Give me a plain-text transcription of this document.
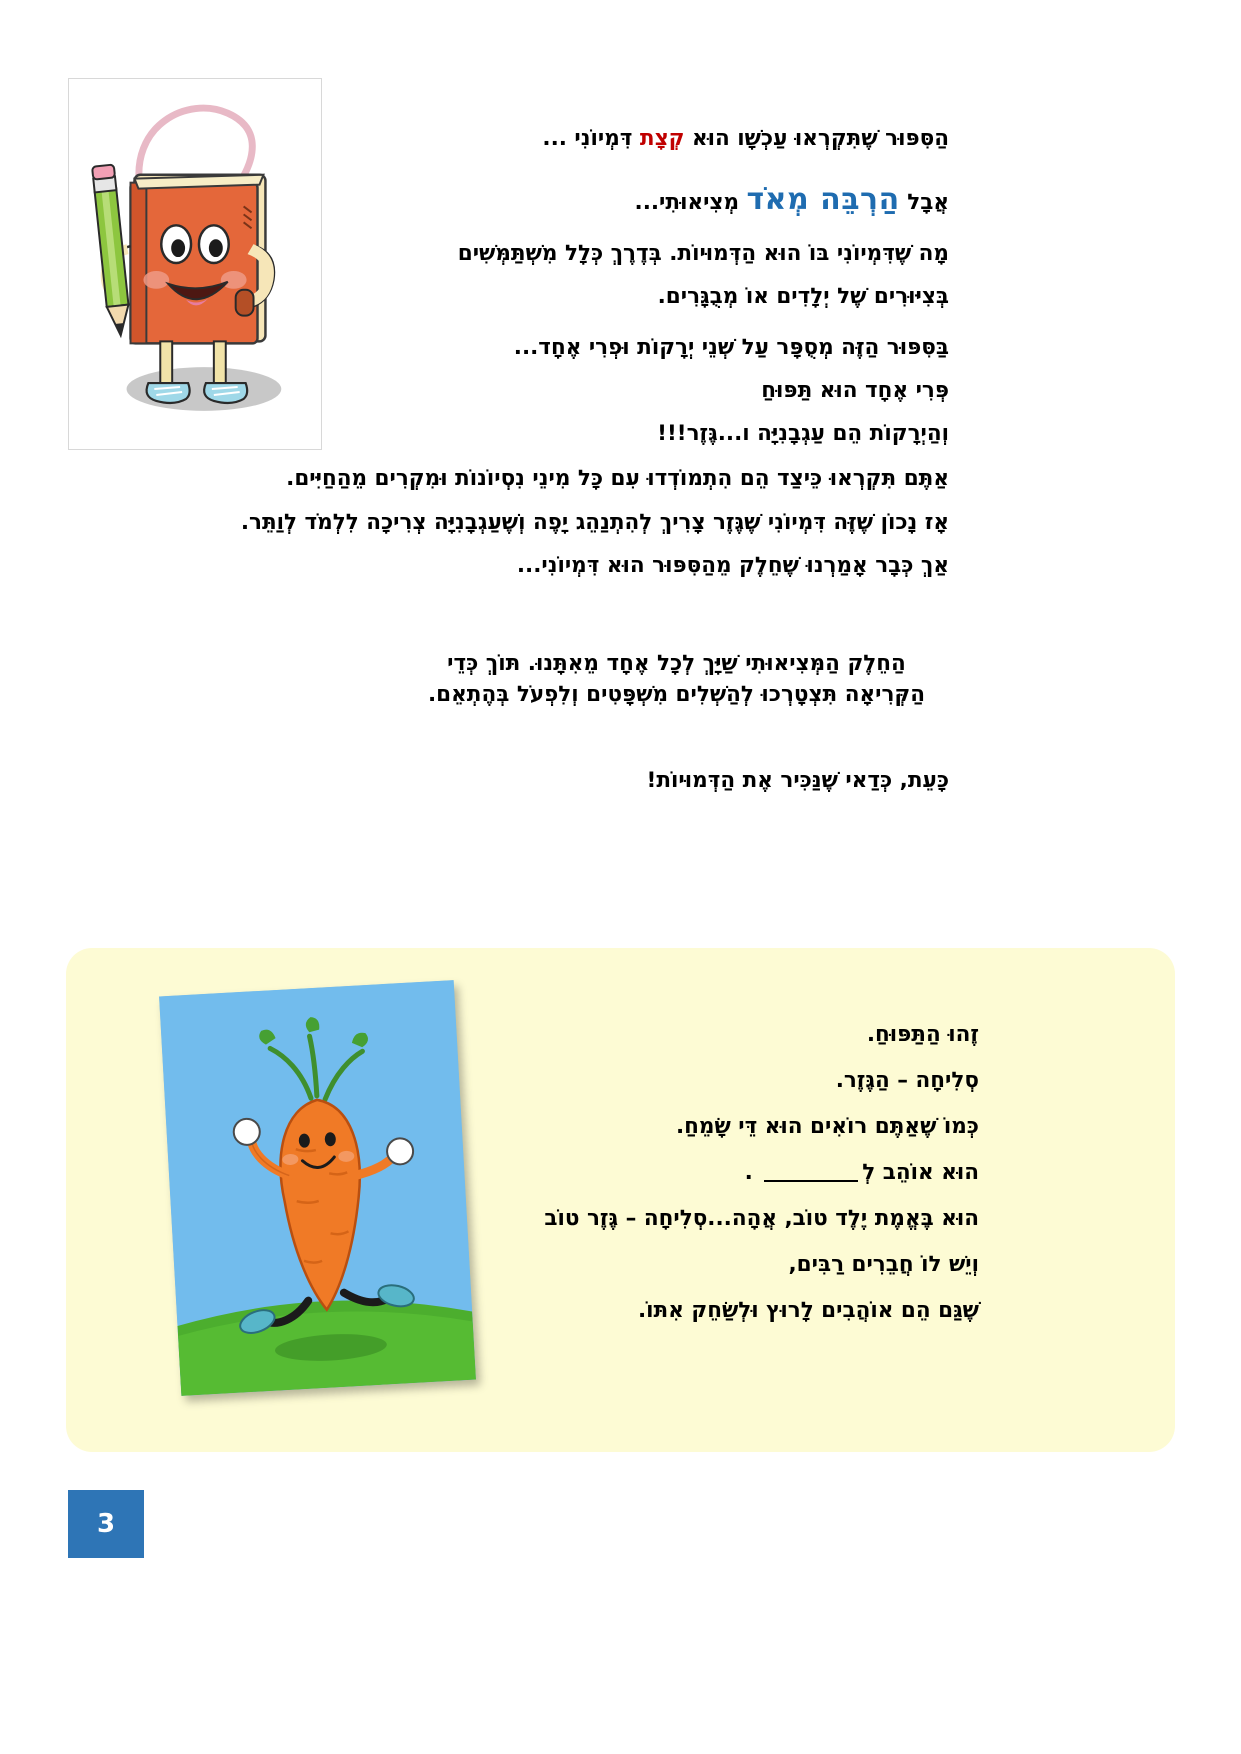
הַסִּפּוּר שֶׁתִּקְרְאוּ עַכְשָׁו הוּא קְצָת דִּמְיוֹנִי ...
אֲבָל הַרְבֵּה מְאֹד מְצִיאוּתִי...
מָה שֶׁדִּמְיוֹנִי בּוֹ הוּא הַדְּמוּיוֹת. בְּדֶרֶךְ כְּלָל מִשְׁתַּמְּשִׁים
בְּצִיּוּרִים שֶׁל יְלָדִים אוֹ מְבֻגָּרִים.
בַּסִּפּוּר הַזֶּה מְסֻפָּר עַל שְׁנֵי יְרָקוֹת וּפְרִי אֶחָד...
פְּרִי אֶחָד הוּא תַּפּוּחַ
וְהַיְרָקוֹת הֵם עַגְבָנִיָּה ו...גֶּזֶר!!!
אַתֶּם תִּקְרְאוּ כֵּיצַד הֵם הִתְמוֹדְדוּ עִם כָּל מִינֵי נִסְיוֹנוֹת וּמִקְרִים מֵהַחַיִּים.
אָז נָכוֹן שֶׁזֶּה דִּמְיוֹנִי שֶׁגֶּזֶר צָרִיךְ לְהִתְנַהֵג יָפֶה וְשֶׁעַגְבָנִיָּה צְרִיכָה לִלְמֹד לְוַתֵּר.
אַךְ כְּבָר אָמַרְנוּ שֶׁחֵלֶק מֵהַסִּפּוּר הוּא דִּמְיוֹנִי...
הַחֵלֶק הַמְּצִיאוּתִי שַׁיָּךְ לְכָל אֶחָד מֵאִתָּנוּ. תּוֹךְ כְּדֵי הַקְּרִיאָה תִּצְטָרְכוּ לְהַשְׁלִים מִשְׁפָּטִים וְלִפְעֹל בְּהֶתְאֵם.
כָּעֵת, כְּדַאי שֶׁנַּכִּיר אֶת הַדְּמוּיוֹת!
זֶהוּ הַתַּפּוּחַ.
סְלִיחָה – הַגֶּזֶר.
כְּמוֹ שֶׁאַתֶּם רוֹאִים הוּא דֵּי שָׂמֵחַ.
הוּא אוֹהֵב לְ .
הוּא בֶּאֱמֶת יֶלֶד טוֹב, אֲהָה...סְלִיחָה – גֶּזֶר טוֹב
וְיֵשׁ לוֹ חֲבֵרִים רַבִּים,
שֶׁגַּם הֵם אוֹהֲבִים לָרוּץ וּלְשַׂחֵק אִתּוֹ.
3
